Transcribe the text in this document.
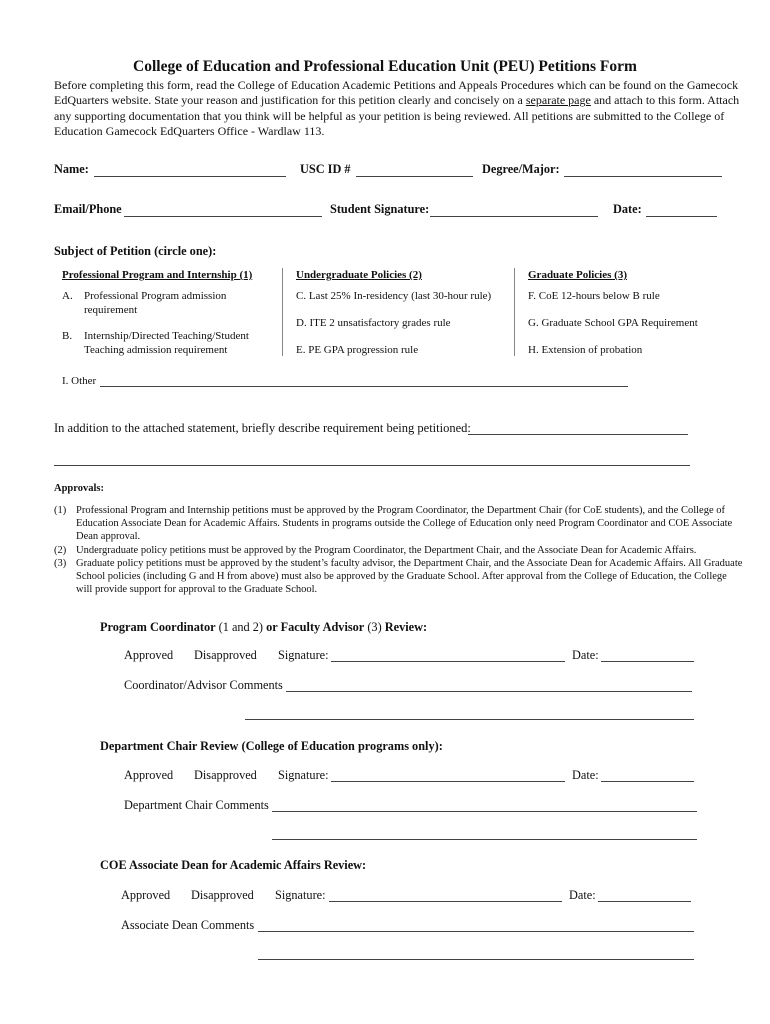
College of Education and Professional Education Unit (PEU) Petitions Form
Before completing this form, read the College of Education Academic Petitions and Appeals Procedures which can be found on the Gamecock EdQuarters website. State your reason and justification for this petition clearly and concisely on a separate page and attach to this form. Attach any supporting documentation that you think will be helpful as your petition is being reviewed. All petitions are submitted to the College of Education Gamecock EdQuarters Office - Wardlaw 113.
Name:	USC ID #	Degree/Major:
Email/Phone	Student Signature:	Date:
Subject of Petition (circle one):
Professional Program and Internship (1)
A. Professional Program admission requirement
B. Internship/Directed Teaching/Student Teaching admission requirement
Undergraduate Policies (2)
C. Last 25% In-residency (last 30-hour rule)
D. ITE 2 unsatisfactory grades rule
E. PE GPA progression rule
Graduate Policies (3)
F. CoE 12-hours below B rule
G. Graduate School GPA Requirement
H. Extension of probation
I. Other
In addition to the attached statement, briefly describe requirement being petitioned:
Approvals:
(1) Professional Program and Internship petitions must be approved by the Program Coordinator, the Department Chair (for CoE students), and the College of Education Associate Dean for Academic Affairs. Students in programs outside the College of Education only need Program Coordinator and COE Associate Dean approval.
(2) Undergraduate policy petitions must be approved by the Program Coordinator, the Department Chair, and the Associate Dean for Academic Affairs.
(3) Graduate policy petitions must be approved by the student’s faculty advisor, the Department Chair, and the Associate Dean for Academic Affairs. All Graduate School policies (including G and H from above) must also be approved by the Graduate School. After approval from the College of Education, the College will provide support for approval to the Graduate School.
Program Coordinator (1 and 2) or Faculty Advisor (3) Review:
Approved Disapproved Signature:	Date:
Coordinator/Advisor Comments
Department Chair Review (College of Education programs only):
Approved Disapproved Signature:	Date:
Department Chair Comments
COE Associate Dean for Academic Affairs Review:
Approved Disapproved Signature:	Date:
Associate Dean Comments
